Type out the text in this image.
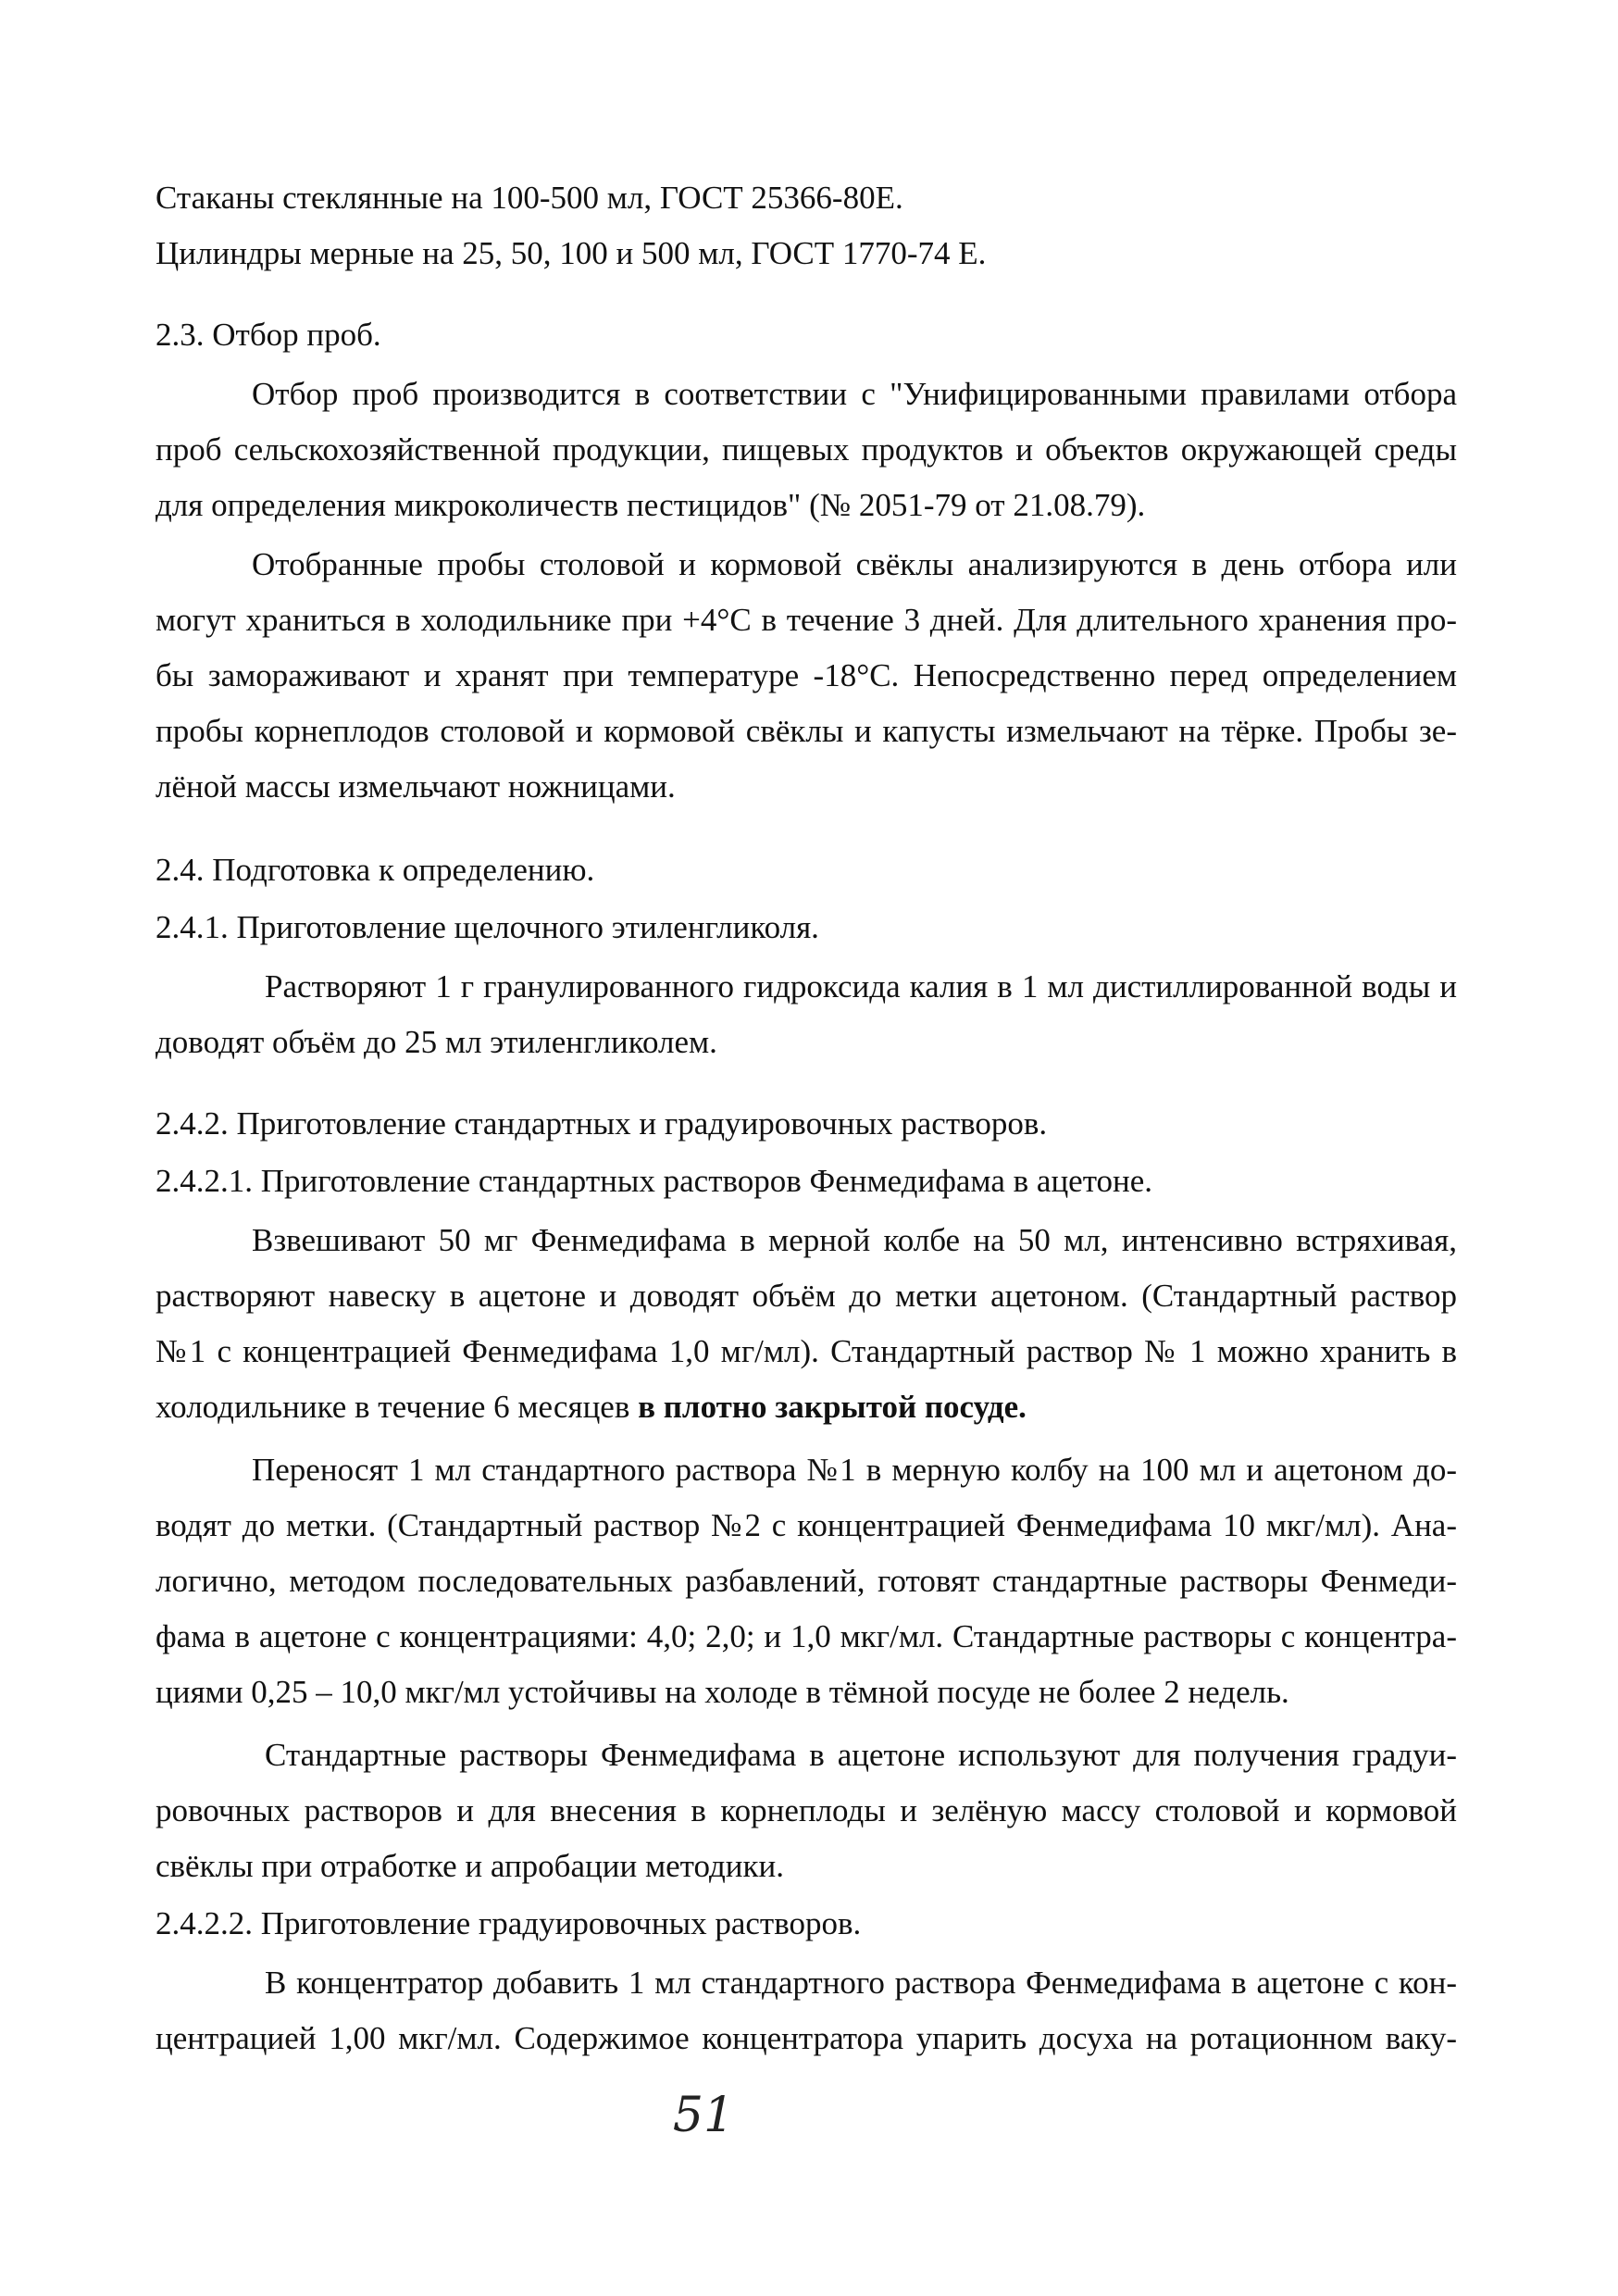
Стаканы стеклянные на 100-500 мл, ГОСТ 25366-80Е.

Цилиндры мерные на 25, 50, 100 и 500 мл, ГОСТ 1770-74 Е.

2.3. Отбор проб.

Отбор проб производится в соответствии с "Унифицированными правилами отбора

проб сельскохозяйственной продукции, пищевых продуктов и объектов окружающей среды

для определения микроколичеств пестицидов" (№ 2051-79 от 21.08.79).

Отобранные пробы столовой и кормовой свёклы анализируются в день отбора или

могут храниться в холодильнике при +4°С в течение 3 дней. Для длительного хранения про-

бы замораживают и хранят при температуре -18°С. Непосредственно перед определением

пробы корнеплодов столовой и кормовой свёклы и капусты измельчают на тёрке. Пробы зе-

лёной массы измельчают ножницами.

2.4. Подготовка к определению.

2.4.1. Приготовление щелочного этиленгликоля.

Растворяют 1 г гранулированного гидроксида калия в 1 мл дистиллированной воды и

доводят объём до 25 мл этиленгликолем.

2.4.2. Приготовление стандартных и градуировочных растворов.

2.4.2.1. Приготовление стандартных растворов Фенмедифама в ацетоне.

Взвешивают 50 мг Фенмедифама в мерной колбе на 50 мл, интенсивно встряхивая,

растворяют навеску в ацетоне и доводят объём до метки ацетоном. (Стандартный раствор

№1 с концентрацией Фенмедифама 1,0 мг/мл). Стандартный раствор № 1 можно хранить в

холодильнике в течение 6 месяцев в плотно закрытой посуде.

Переносят 1 мл стандартного раствора №1 в мерную колбу на 100 мл и ацетоном до-

водят до метки. (Стандартный раствор №2 с концентрацией Фенмедифама 10 мкг/мл). Ана-

логично, методом последовательных разбавлений, готовят стандартные растворы Фенмеди-

фама в ацетоне с концентрациями: 4,0; 2,0; и 1,0 мкг/мл. Стандартные растворы с концентра-

циями 0,25 – 10,0 мкг/мл устойчивы на холоде в тёмной посуде не более 2 недель.

Стандартные растворы Фенмедифама в ацетоне используют для получения градуи-

ровочных растворов и для внесения в корнеплоды и зелёную массу столовой и кормовой

свёклы при отработке и апробации методики.

2.4.2.2. Приготовление градуировочных растворов.

В концентратор добавить 1 мл стандартного раствора Фенмедифама в ацетоне с кон-

центрацией 1,00 мкг/мл. Содержимое концентратора упарить досуха на ротационном ваку-

51
